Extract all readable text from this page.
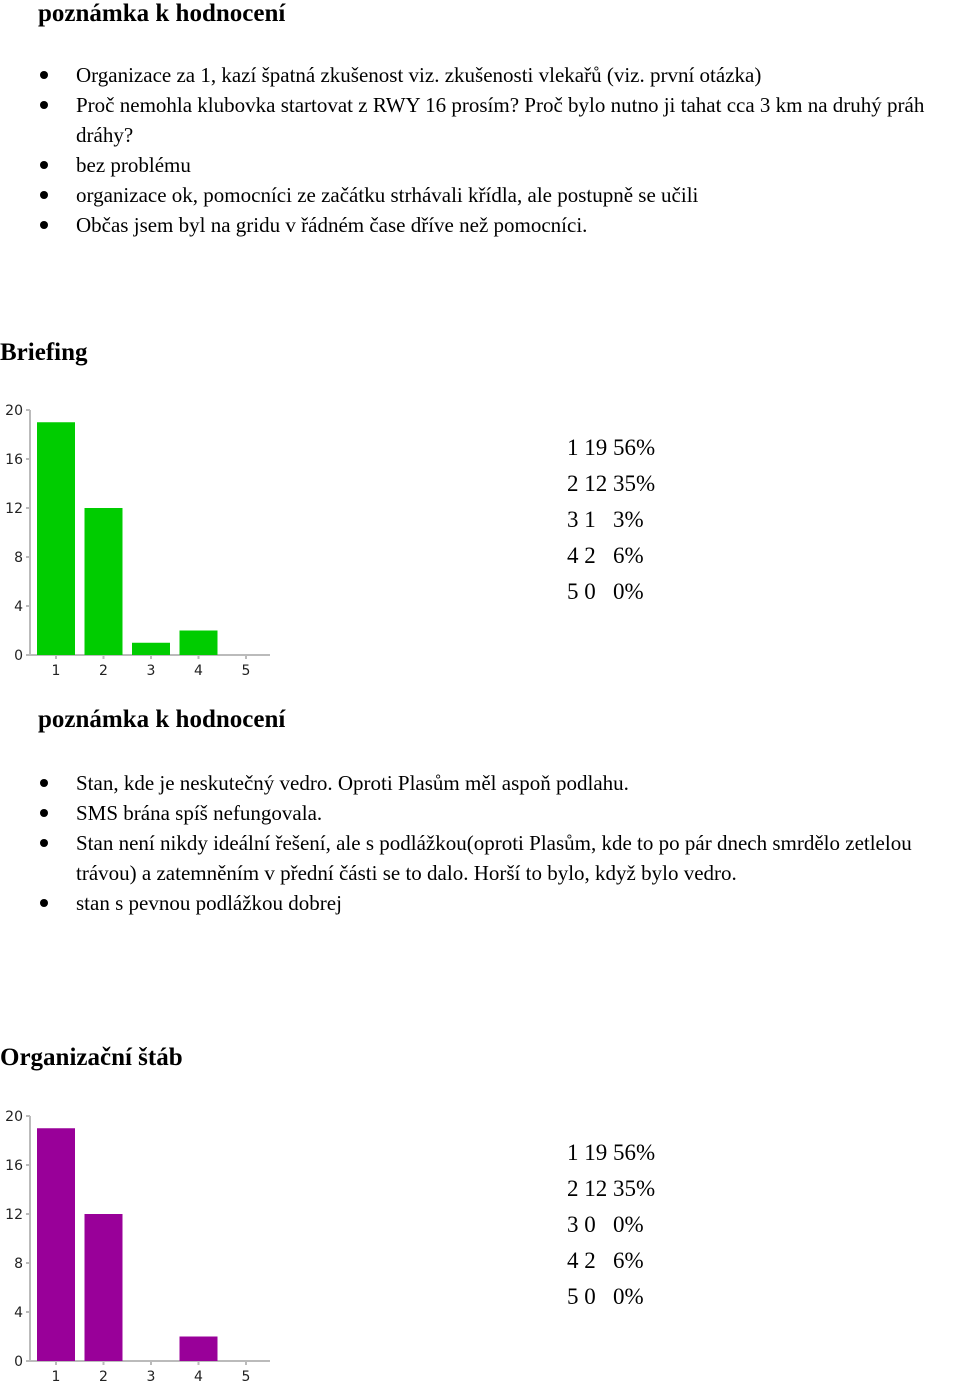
poznámka k hodnocení
Organizace za 1, kazí špatná zkušenost viz. zkušenosti vlekařů (viz. první otázka)
Proč nemohla klubovka startovat z RWY 16 prosím? Proč bylo nutno ji tahat cca 3 km na druhý práh dráhy?
bez problému
organizace ok, pomocníci ze začátku strhávali křídla, ale postupně se učili
Občas jsem byl na gridu v řádném čase dříve než pomocníci.
Briefing
0
4
8
12
16
20
1	2	3	4	5
1 19 56%
2 12 35%
3 1   3%
4 2   6%
5 0   0%
poznámka k hodnocení
Stan, kde je neskutečný vedro. Oproti Plasům měl aspoň podlahu.
SMS brána spíš nefungovala.
Stan není nikdy ideální řešení, ale s podlážkou(oproti Plasům, kde to po pár dnech smrdělo zetlelou trávou) a zatemněním v přední části se to dalo. Horší to bylo, když bylo vedro.
stan s pevnou podlážkou dobrej
Organizační štáb
0
4
8
12
16
20
1	2	3	4	5
1 19 56%
2 12 35%
3 0   0%
4 2   6%
5 0   0%
